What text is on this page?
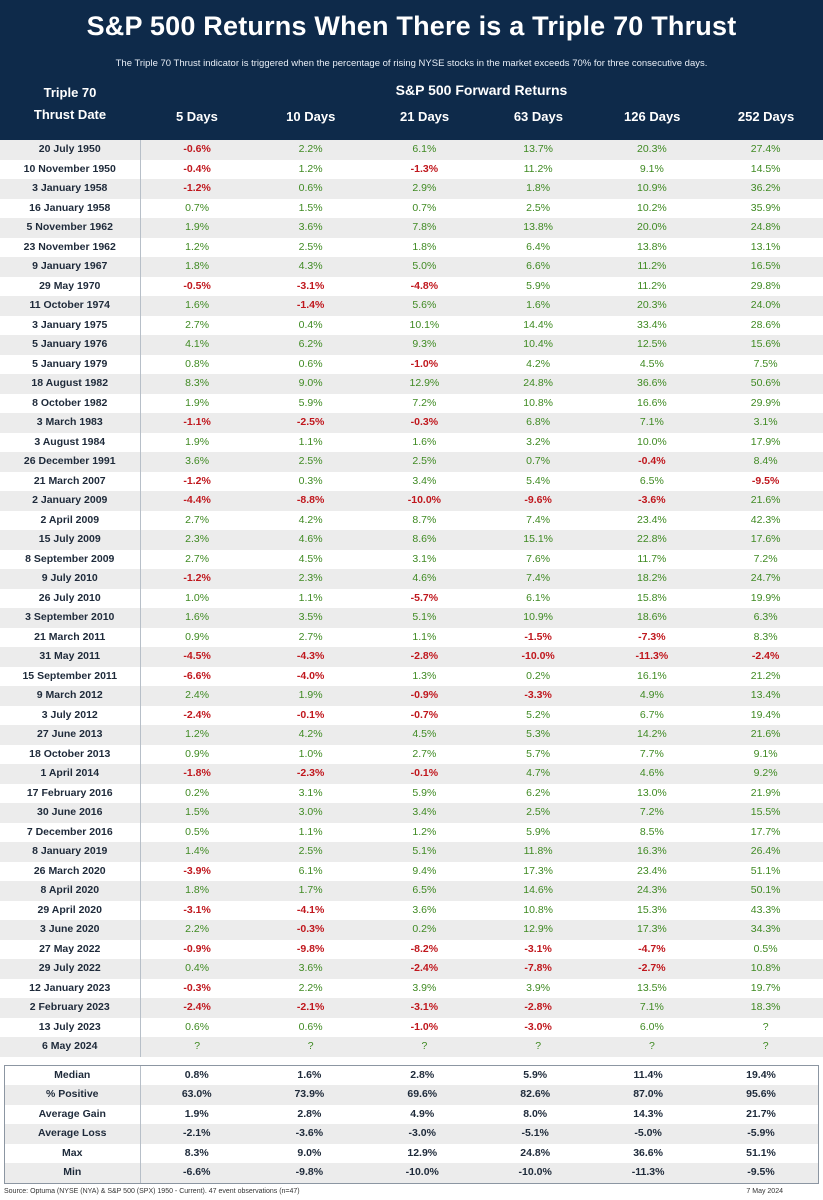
S&P 500 Returns When There is a Triple 70 Thrust
The Triple 70 Thrust indicator is triggered when the percentage of rising NYSE stocks in the market exceeds 70% for three consecutive days.
Triple 70
Thrust Date
S&P 500 Forward Returns
5 Days	10 Days	21 Days	63 Days	126 Days	252 Days
20 July 1950	-0.6%	2.2%	6.1%	13.7%	20.3%	27.4%
10 November 1950	-0.4%	1.2%	-1.3%	11.2%	9.1%	14.5%
3 January 1958	-1.2%	0.6%	2.9%	1.8%	10.9%	36.2%
16 January 1958	0.7%	1.5%	0.7%	2.5%	10.2%	35.9%
5 November 1962	1.9%	3.6%	7.8%	13.8%	20.0%	24.8%
23 November 1962	1.2%	2.5%	1.8%	6.4%	13.8%	13.1%
9 January 1967	1.8%	4.3%	5.0%	6.6%	11.2%	16.5%
29 May 1970	-0.5%	-3.1%	-4.8%	5.9%	11.2%	29.8%
11 October 1974	1.6%	-1.4%	5.6%	1.6%	20.3%	24.0%
3 January 1975	2.7%	0.4%	10.1%	14.4%	33.4%	28.6%
5 January 1976	4.1%	6.2%	9.3%	10.4%	12.5%	15.6%
5 January 1979	0.8%	0.6%	-1.0%	4.2%	4.5%	7.5%
18 August 1982	8.3%	9.0%	12.9%	24.8%	36.6%	50.6%
8 October 1982	1.9%	5.9%	7.2%	10.8%	16.6%	29.9%
3 March 1983	-1.1%	-2.5%	-0.3%	6.8%	7.1%	3.1%
3 August 1984	1.9%	1.1%	1.6%	3.2%	10.0%	17.9%
26 December 1991	3.6%	2.5%	2.5%	0.7%	-0.4%	8.4%
21 March 2007	-1.2%	0.3%	3.4%	5.4%	6.5%	-9.5%
2 January 2009	-4.4%	-8.8%	-10.0%	-9.6%	-3.6%	21.6%
2 April 2009	2.7%	4.2%	8.7%	7.4%	23.4%	42.3%
15 July 2009	2.3%	4.6%	8.6%	15.1%	22.8%	17.6%
8 September 2009	2.7%	4.5%	3.1%	7.6%	11.7%	7.2%
9 July 2010	-1.2%	2.3%	4.6%	7.4%	18.2%	24.7%
26 July 2010	1.0%	1.1%	-5.7%	6.1%	15.8%	19.9%
3 September 2010	1.6%	3.5%	5.1%	10.9%	18.6%	6.3%
21 March 2011	0.9%	2.7%	1.1%	-1.5%	-7.3%	8.3%
31 May 2011	-4.5%	-4.3%	-2.8%	-10.0%	-11.3%	-2.4%
15 September 2011	-6.6%	-4.0%	1.3%	0.2%	16.1%	21.2%
9 March 2012	2.4%	1.9%	-0.9%	-3.3%	4.9%	13.4%
3 July 2012	-2.4%	-0.1%	-0.7%	5.2%	6.7%	19.4%
27 June 2013	1.2%	4.2%	4.5%	5.3%	14.2%	21.6%
18 October 2013	0.9%	1.0%	2.7%	5.7%	7.7%	9.1%
1 April 2014	-1.8%	-2.3%	-0.1%	4.7%	4.6%	9.2%
17 February 2016	0.2%	3.1%	5.9%	6.2%	13.0%	21.9%
30 June 2016	1.5%	3.0%	3.4%	2.5%	7.2%	15.5%
7 December 2016	0.5%	1.1%	1.2%	5.9%	8.5%	17.7%
8 January 2019	1.4%	2.5%	5.1%	11.8%	16.3%	26.4%
26 March 2020	-3.9%	6.1%	9.4%	17.3%	23.4%	51.1%
8 April 2020	1.8%	1.7%	6.5%	14.6%	24.3%	50.1%
29 April 2020	-3.1%	-4.1%	3.6%	10.8%	15.3%	43.3%
3 June 2020	2.2%	-0.3%	0.2%	12.9%	17.3%	34.3%
27 May 2022	-0.9%	-9.8%	-8.2%	-3.1%	-4.7%	0.5%
29 July 2022	0.4%	3.6%	-2.4%	-7.8%	-2.7%	10.8%
12 January 2023	-0.3%	2.2%	3.9%	3.9%	13.5%	19.7%
2 February 2023	-2.4%	-2.1%	-3.1%	-2.8%	7.1%	18.3%
13 July 2023	0.6%	0.6%	-1.0%	-3.0%	6.0%	?
6 May 2024	?	?	?	?	?	?
Median	0.8%	1.6%	2.8%	5.9%	11.4%	19.4%
% Positive	63.0%	73.9%	69.6%	82.6%	87.0%	95.6%
Average Gain	1.9%	2.8%	4.9%	8.0%	14.3%	21.7%
Average Loss	-2.1%	-3.6%	-3.0%	-5.1%	-5.0%	-5.9%
Max	8.3%	9.0%	12.9%	24.8%	36.6%	51.1%
Min	-6.6%	-9.8%	-10.0%	-10.0%	-11.3%	-9.5%
Source: Optuma (NYSE (NYA) & S&P 500 (SPX) 1950 - Current). 47 event observations (n=47)	7 May 2024
